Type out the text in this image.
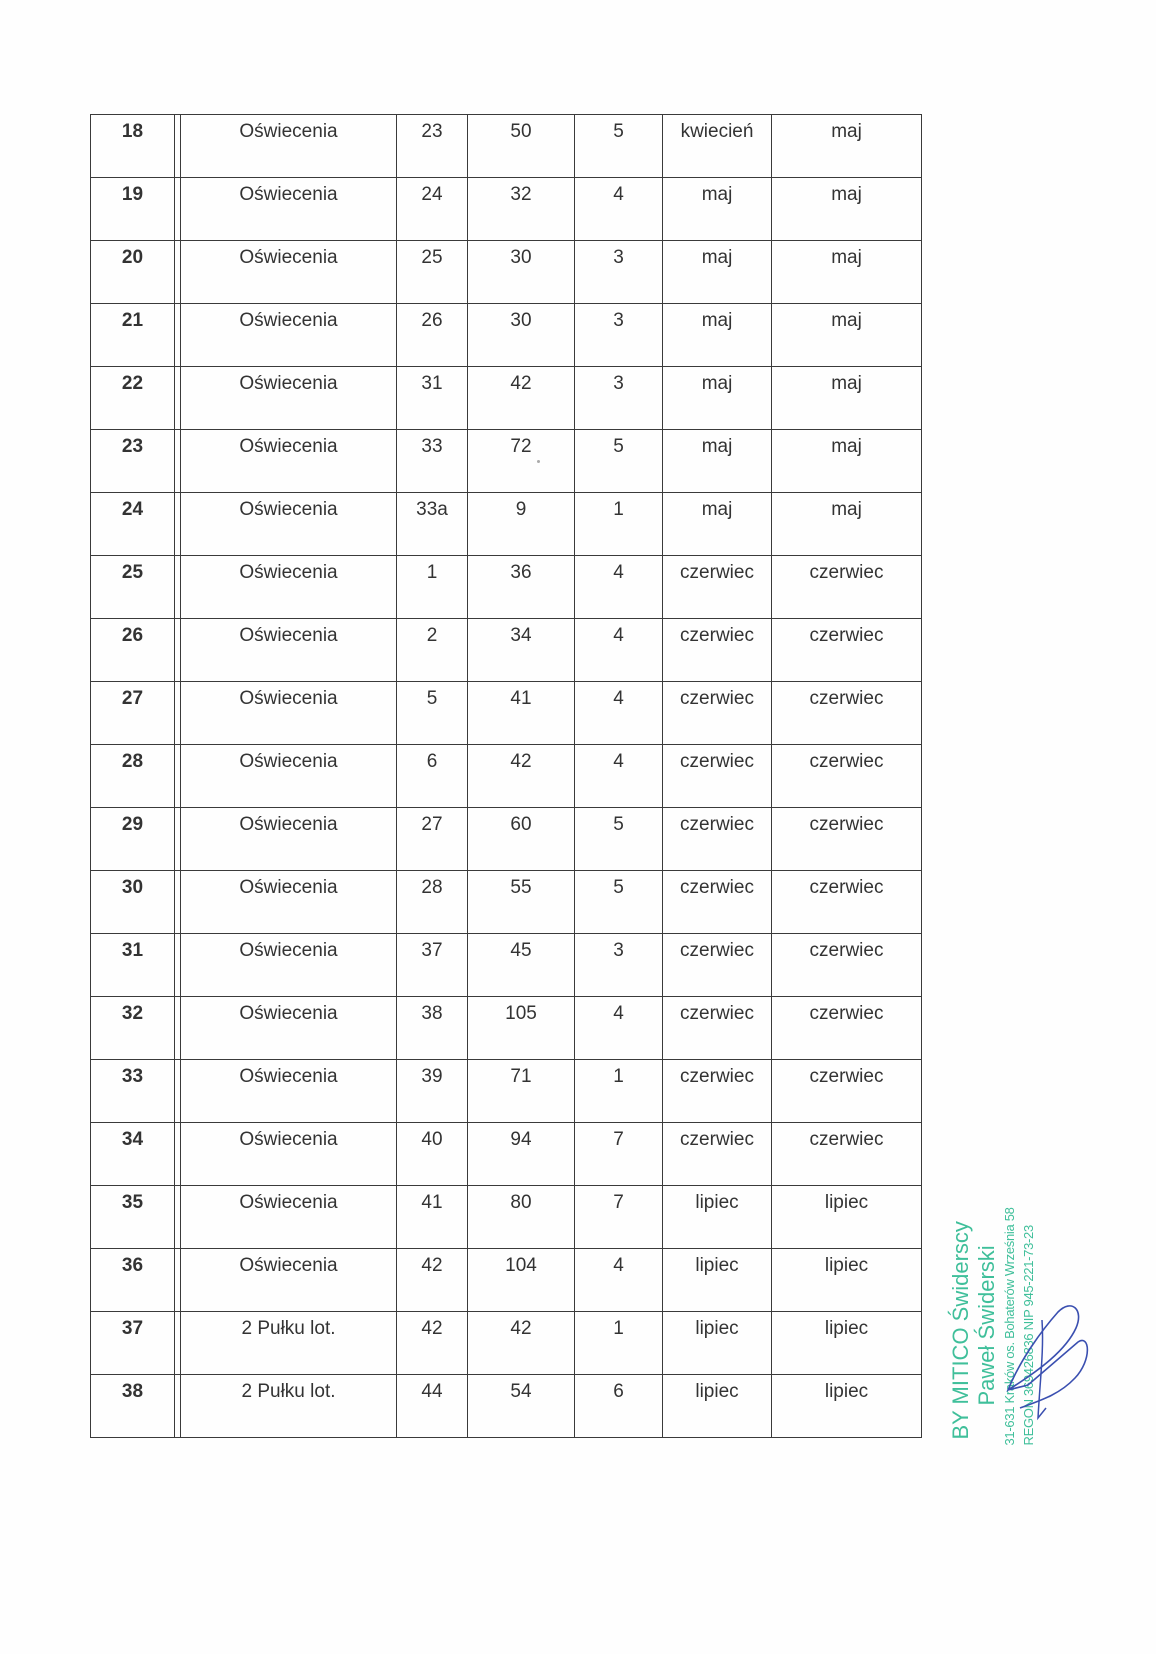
18		Oświecenia	23	50	5	kwiecień	maj
19		Oświecenia	24	32	4	maj	maj
20		Oświecenia	25	30	3	maj	maj
21		Oświecenia	26	30	3	maj	maj
22		Oświecenia	31	42	3	maj	maj
23		Oświecenia	33	72	5	maj	maj
24		Oświecenia	33a	9	1	maj	maj
25		Oświecenia	1	36	4	czerwiec	czerwiec
26		Oświecenia	2	34	4	czerwiec	czerwiec
27		Oświecenia	5	41	4	czerwiec	czerwiec
28		Oświecenia	6	42	4	czerwiec	czerwiec
29		Oświecenia	27	60	5	czerwiec	czerwiec
30		Oświecenia	28	55	5	czerwiec	czerwiec
31		Oświecenia	37	45	3	czerwiec	czerwiec
32		Oświecenia	38	105	4	czerwiec	czerwiec
33		Oświecenia	39	71	1	czerwiec	czerwiec
34		Oświecenia	40	94	7	czerwiec	czerwiec
35		Oświecenia	41	80	7	lipiec	lipiec
36		Oświecenia	42	104	4	lipiec	lipiec
37		2 Pułku lot.	42	42	1	lipiec	lipiec
38		2 Pułku lot.	44	54	6	lipiec	lipiec	BY MITICO Świderscy Paweł Świderski 31-631 Kraków os. Bohaterów Września 58 REGON 369426836 NIP 945-221-73-23
